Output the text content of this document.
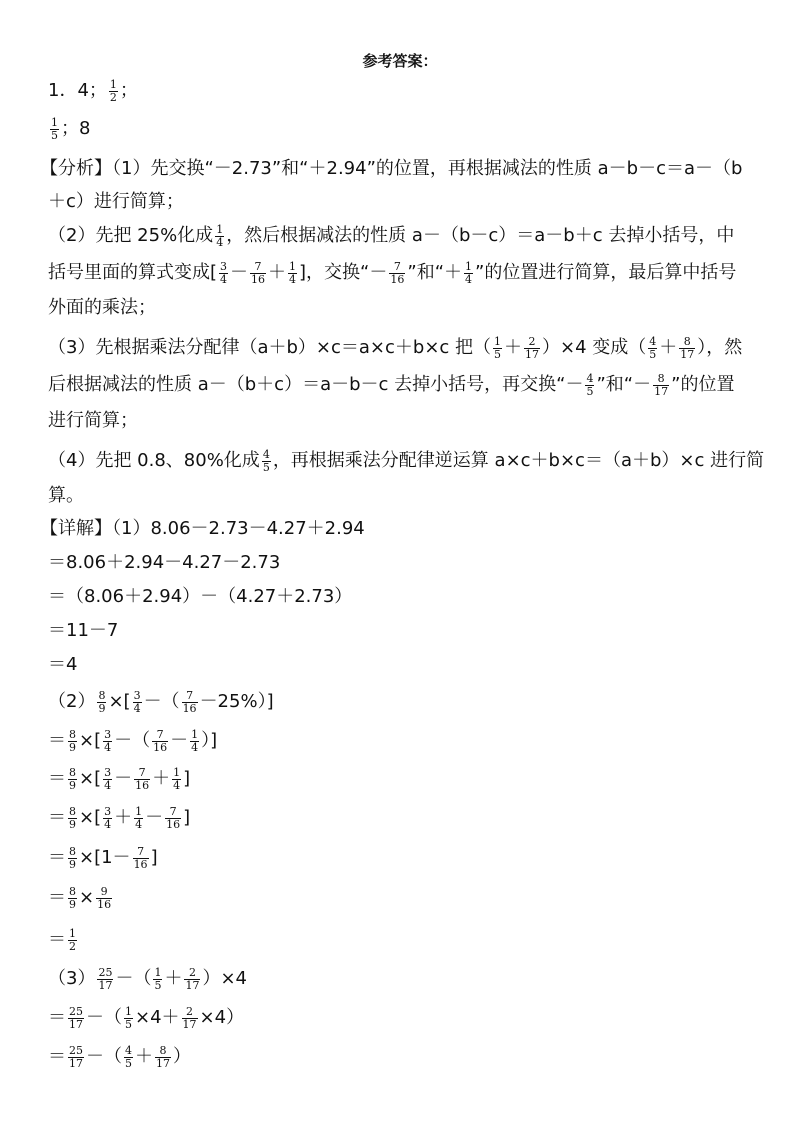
参考答案：
1．4； $\frac{1}{2}$ ；
$\frac{1}{5}$ ；8
【分析】（1）先交换“－2.73”和“＋2.94”的位置，再根据减法的性质 a－b－c＝a－（b
＋c）进行简算；
（2）先把 25%化成 $\frac{1}{4}$ ，然后根据减法的性质 a－（b－c）＝a－b＋c 去掉小括号，中
括号里面的算式变成[ $\frac{3}{4} - \frac{7}{16} + \frac{1}{4}$ ]，交换“－ $\frac{7}{16}$ ”和“＋ $\frac{1}{4}$ ”的位置进行简算，最后算中括号
外面的乘法；
（3）先根据乘法分配律（a＋b）×c＝a×c＋b×c 把（ $\frac{1}{5} + \frac{2}{17} )\times 4$ 变成（ $\frac{4}{5} + \frac{8}{17}$ ），然
后根据减法的性质 a－（b＋c）＝a－b－c 去掉小括号，再交换“－ $\frac{4}{5}$ ”和“－ $\frac{8}{17}$ ”的位置
进行简算；
（4）先把 0.8、80%化成 $\frac{4}{5}$ ，再根据乘法分配律逆运算 a×c＋b×c＝（a＋b）×c 进行简
算。
【详解】（1）8.06－2.73－4.27＋2.94
＝8.06＋2.94－4.27－2.73
＝（8.06＋2.94）－（4.27＋2.73）
＝11－7
＝4
$(2) \frac{8}{9}$ ×[ $\frac{3}{4}$ －（ $\frac{7}{16} -25\%$）]
＝ $\frac{8}{9}$ ×[ $\frac{3}{4}$ －（ $\frac{7}{16} - \frac{1}{4}$ ）]
＝ $\frac{8}{9}$ ×[ $\frac{3}{4} - \frac{7}{16} + \frac{1}{4}$ ]
＝ $\frac{8}{9}$ ×[ $\frac{3}{4} + \frac{1}{4} - \frac{7}{16}$ ]
＝ $\frac{8}{9} \times[1- \frac{7}{16}$ ]
＝ $\frac{8}{9} \times \frac{9}{16}$
＝ $\frac{1}{2}$
$(3) \frac{25}{17}$ －（ $\frac{1}{5} + \frac{2}{17} )\times 4$
＝ $\frac{25}{17}$ －（ $\frac{1}{5} \times 4+ \frac{2}{17} \times 4$）
＝ $\frac{25}{17}$ －（ $\frac{4}{5} + \frac{8}{17}$ ）
